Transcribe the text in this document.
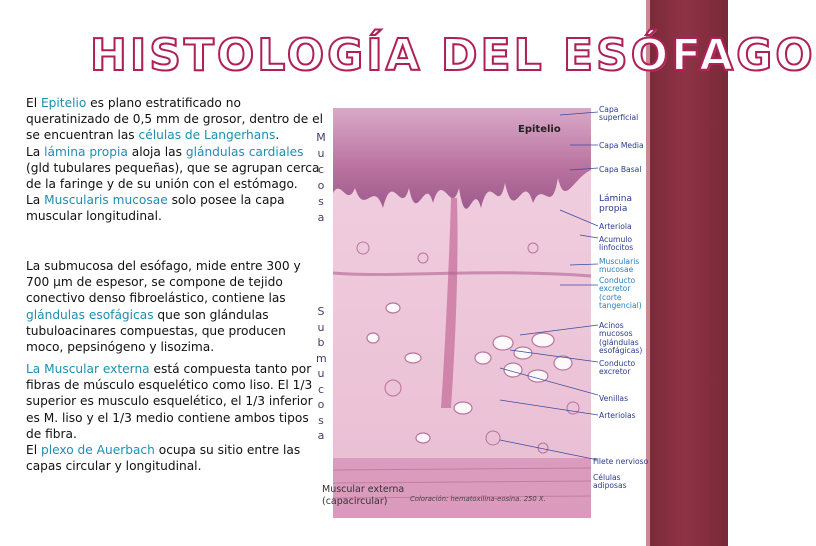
HISTOLOGÍA DEL ESÓFAGO
El Epitelio es plano estratificado no queratinizado de 0,5 mm de grosor, dentro de el se encuentran las células de Langerhans.
La lámina propia aloja las glándulas cardiales (gld tubulares pequeñas), que se agrupan cerca de la faringe y de su unión con el estómago.
La Muscularis mucosae solo posee la capa muscular longitudinal.
La submucosa del esófago, mide entre 300 y 700 µm de espesor, se compone de tejido conectivo denso fibroelástico, contiene las glándulas esofágicas que son glándulas tubuloacinares compuestas, que producen moco, pepsinógeno y lisozima.
La Muscular externa está compuesta tanto por fibras de músculo esquelético como liso. El 1/3 superior es musculo esquelético, el 1/3 inferior es M. liso y el 1/3 medio contiene ambos tipos de fibra.
El plexo de Auerbach ocupa su sitio entre las capas circular y longitudinal.
Epitelio
M
u
c
o
s
a
S
u
b
m
u
c
o
s
a
Capa superficial
Capa Media
Capa Basal
Lámina propia
Arteriola
Acumulo linfocitos
Muscularis mucosae
Conducto excretor (corte tangencial)
Acinos mucosos (glándulas esofágicas)
Conducto excretor
Venillas
Arteriolas
Filete nervioso
Células adiposas
Muscular externa (capacircular)	Coloración: hematoxilina-eosina. 250 X.
